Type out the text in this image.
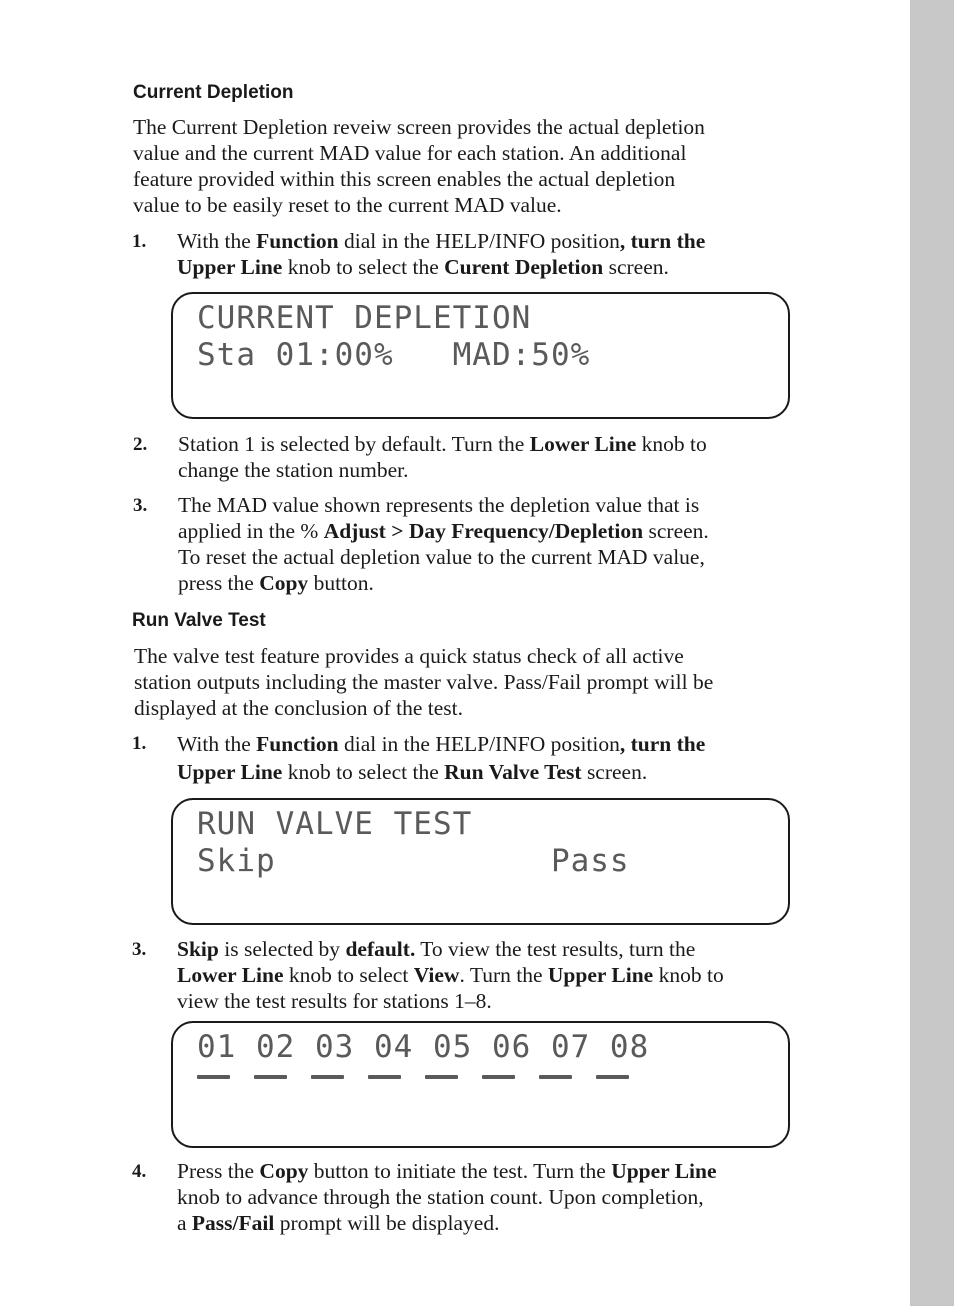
Current Depletion
The Current Depletion reveiw screen provides the actual depletion
value and the current MAD value for each station. An additional
feature provided within this screen enables the actual depletion
value to be easily reset to the current MAD value.
1. With the Function dial in the HELP/INFO position, turn the
Upper Line knob to select the Curent Depletion screen.
CURRENT DEPLETION
Sta 01:00%   MAD:50%
2. Station 1 is selected by default. Turn the Lower Line knob to
change the station number.
3. The MAD value shown represents the depletion value that is
applied in the % Adjust > Day Frequency/Depletion screen.
To reset the actual depletion value to the current MAD value,
press the Copy button.
Run Valve Test
The valve test feature provides a quick status check of all active
station outputs including the master valve. Pass/Fail prompt will be
displayed at the conclusion of the test.
1. With the Function dial in the HELP/INFO position, turn the
Upper Line knob to select the Run Valve Test screen.
RUN VALVE TEST
Skip              Pass
3. Skip is selected by default. To view the test results, turn the
Lower Line knob to select View. Turn the Upper Line knob to
view the test results for stations 1–8.
01 02 03 04 05 06 07 08
4. Press the Copy button to initiate the test. Turn the Upper Line
knob to advance through the station count. Upon completion,
a Pass/Fail prompt will be displayed.
